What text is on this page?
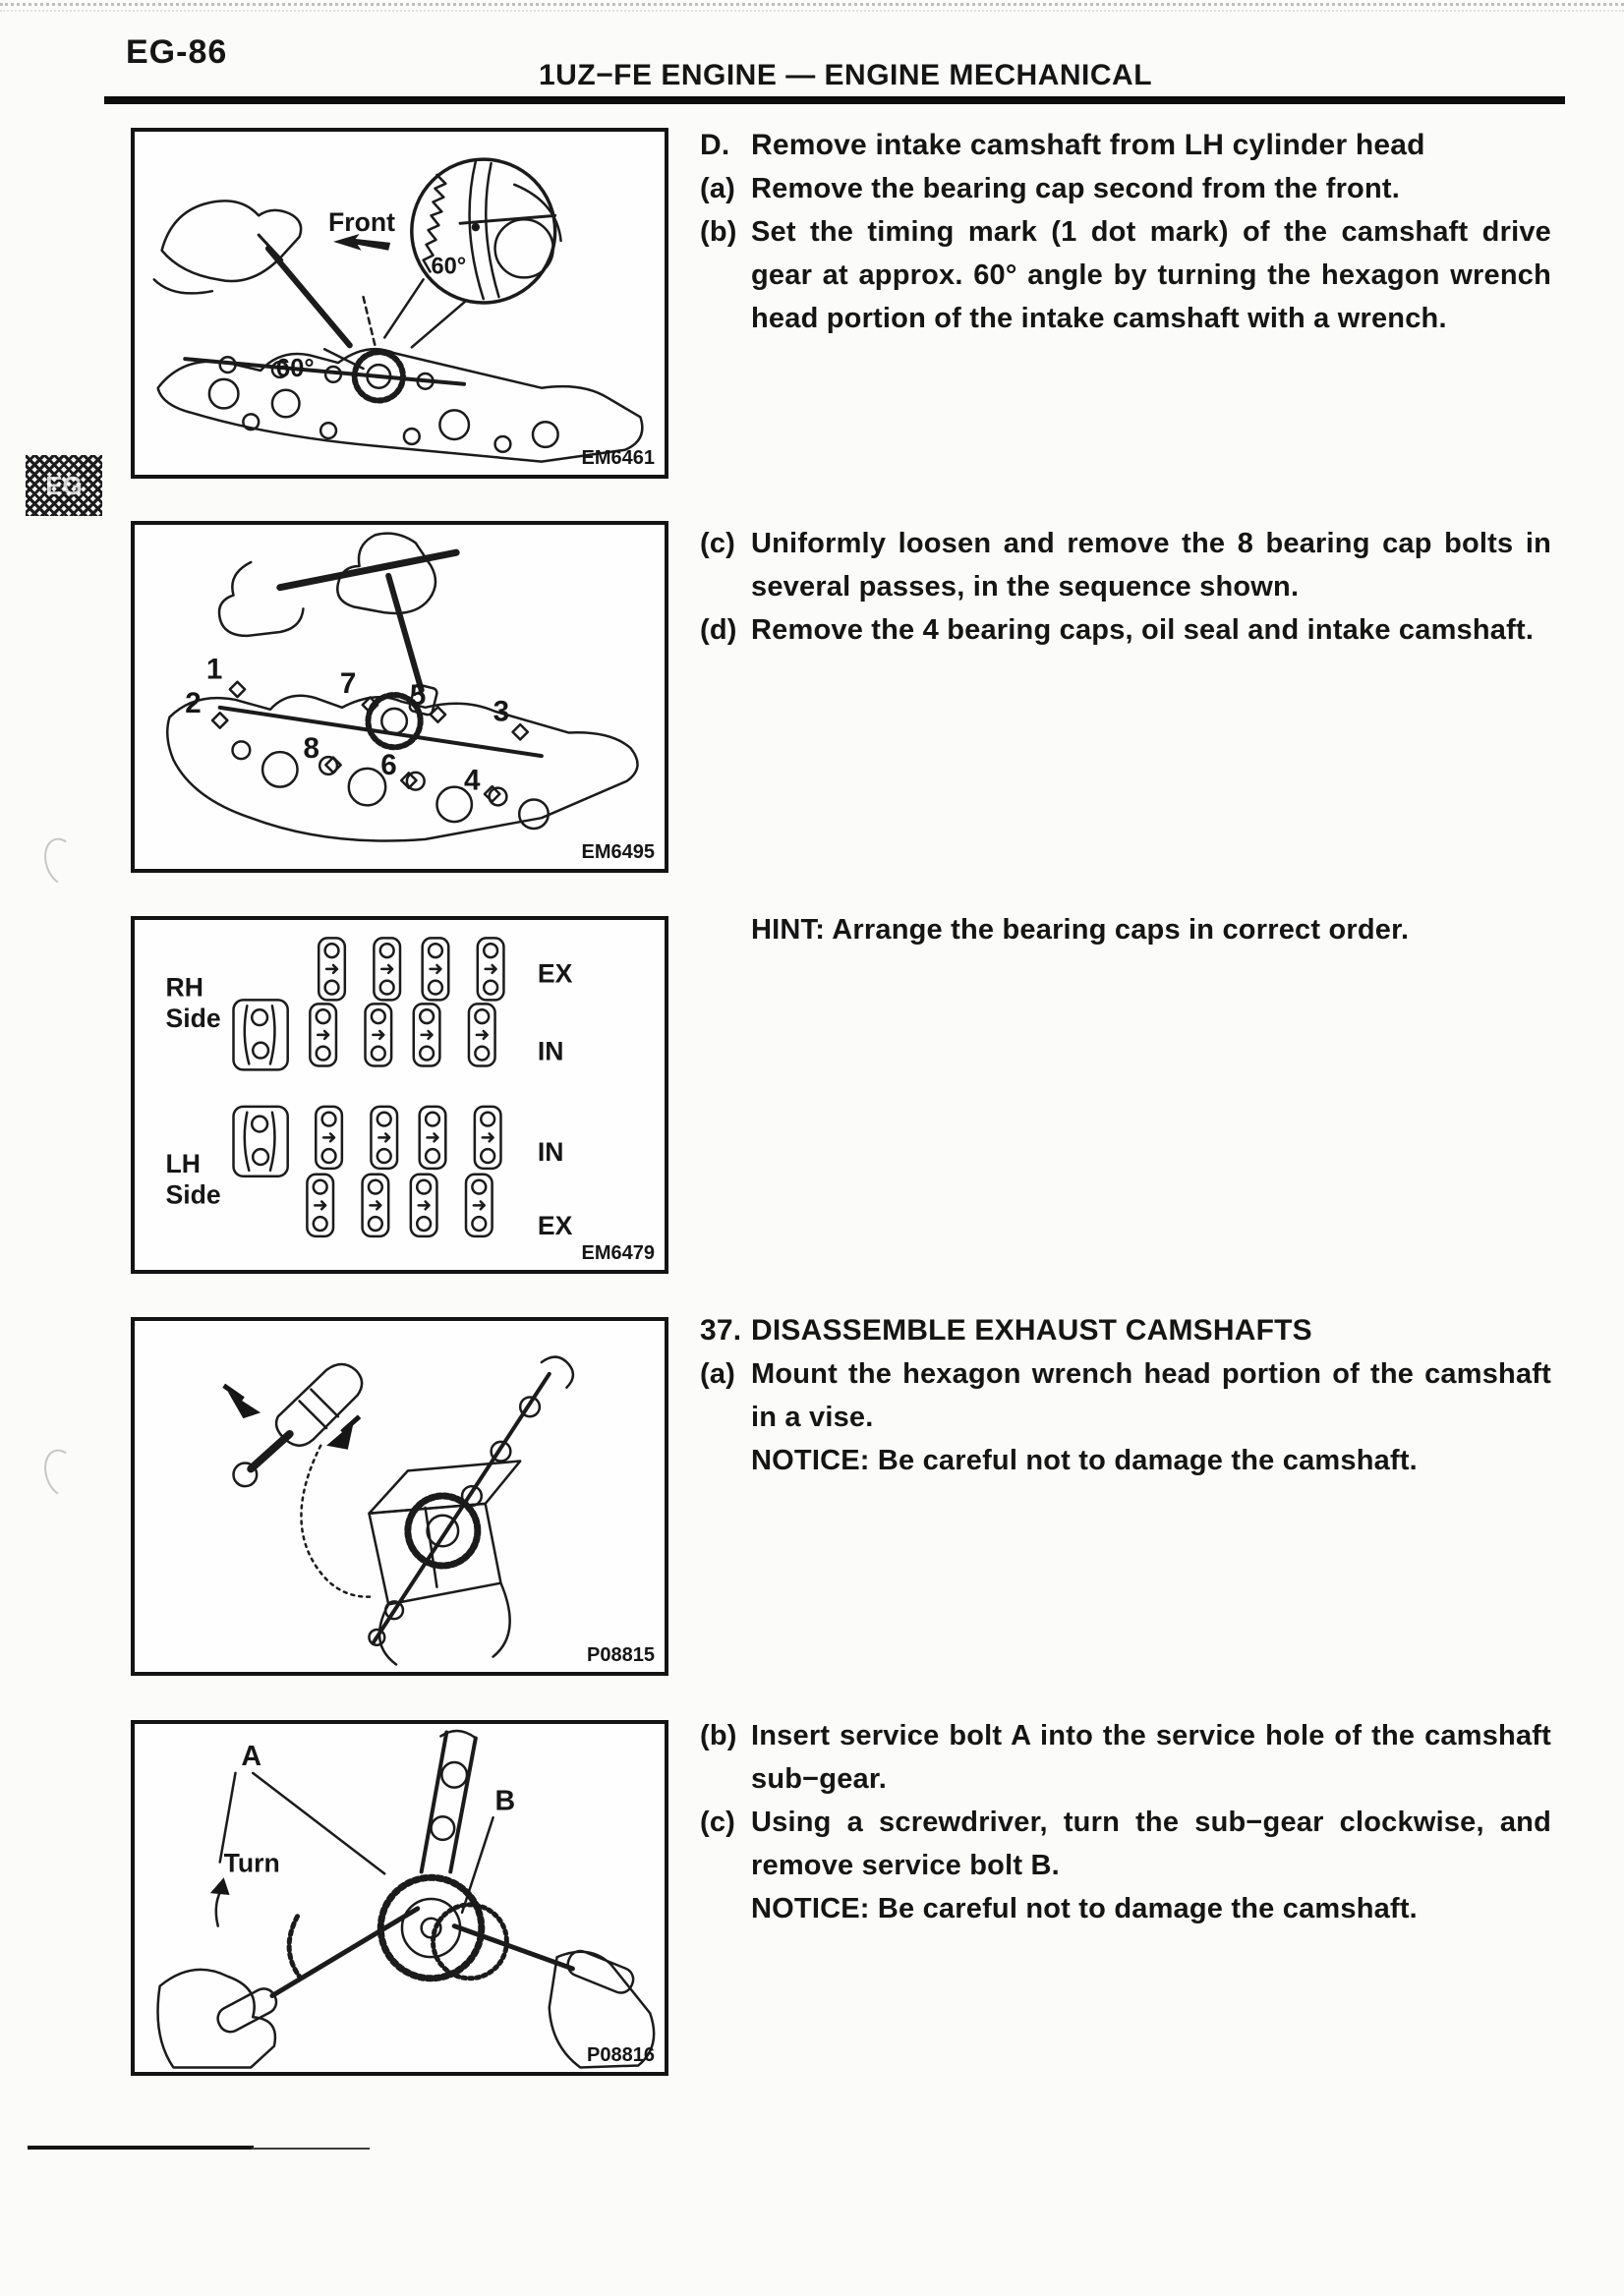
EG-86
1UZ−FE ENGINE — ENGINE MECHANICAL
EG
Front
60°
60°
EM6461
1
2
7 5
3
8
6 4
EM6495
RH
Side
LH
Side
EX
IN
IN
EX
EM6479
P08815
A
B
Turn
P08816
D. Remove intake camshaft from LH cylinder head
(a) Remove the bearing cap second from the front.
(b) Set the timing mark (1 dot mark) of the camshaft drive gear at approx. 60° angle by turning the hexagon wrench head portion of the intake camshaft with a wrench.
(c) Uniformly loosen and remove the 8 bearing cap bolts in several passes, in the sequence shown.
(d) Remove the 4 bearing caps, oil seal and intake camshaft.
HINT: Arrange the bearing caps in correct order.
37. DISASSEMBLE EXHAUST CAMSHAFTS
(a) Mount the hexagon wrench head portion of the camshaft in a vise.
NOTICE: Be careful not to damage the camshaft.
(b) Insert service bolt A into the service hole of the camshaft sub−gear.
(c) Using a screwdriver, turn the sub−gear clockwise, and remove service bolt B.
NOTICE: Be careful not to damage the camshaft.
